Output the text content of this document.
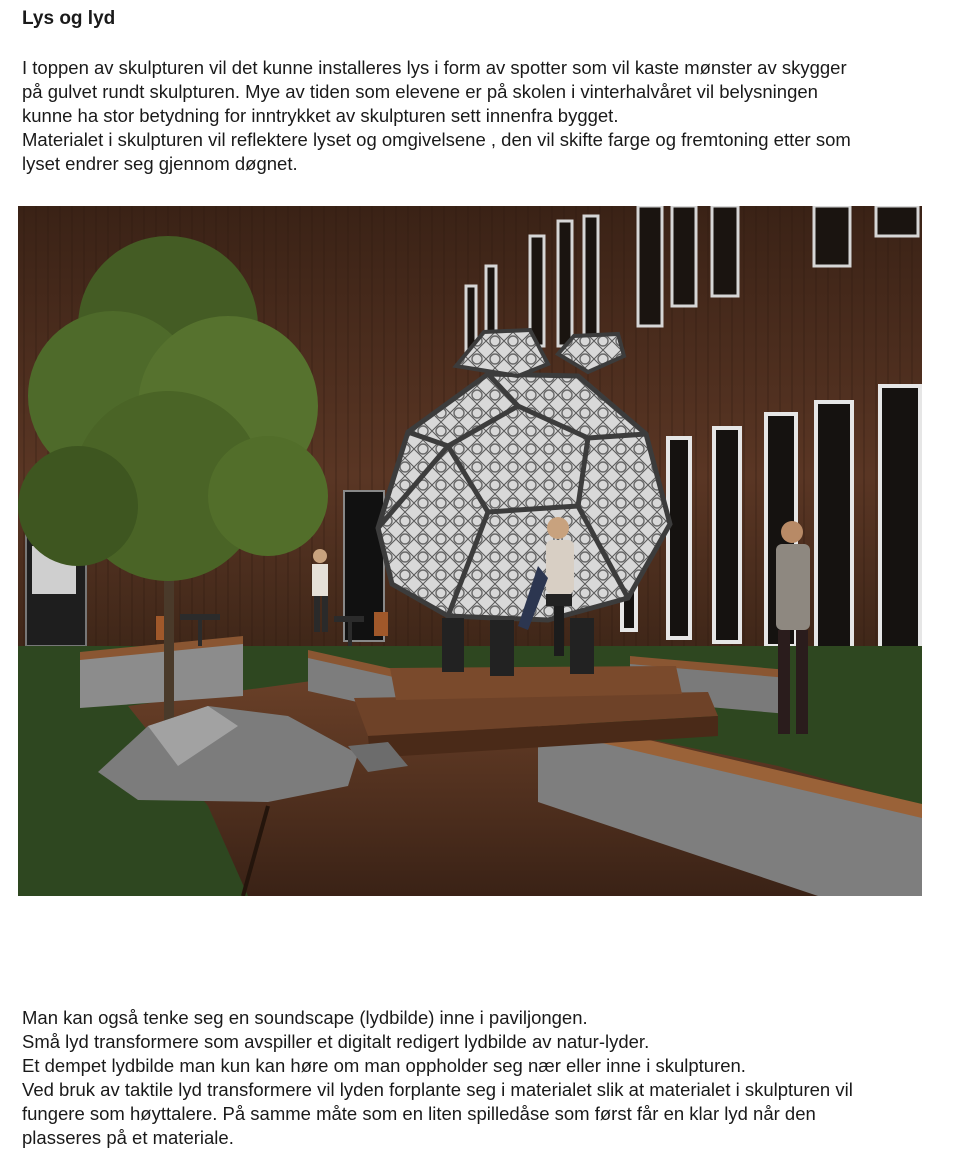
Lys og lyd
I toppen av skulpturen vil det kunne installeres lys i form av spotter som vil kaste mønster av skygger
på gulvet rundt skulpturen. Mye av tiden som elevene er på skolen i vinterhalvåret vil belysningen
kunne ha stor betydning for inntrykket av skulpturen sett innenfra bygget.
Materialet i skulpturen vil reflektere lyset og omgivelsene , den vil skifte farge og fremtoning etter som
lyset endrer seg gjennom døgnet.
Man kan også tenke seg en soundscape (lydbilde) inne i paviljongen.
Små lyd transformere som avspiller et digitalt redigert lydbilde av natur-lyder.
Et dempet lydbilde man kun kan høre om man oppholder seg nær eller inne i skulpturen.
Ved bruk av taktile lyd transformere vil lyden forplante seg i materialet slik at materialet i skulpturen vil
fungere som høyttalere. På samme måte som en liten spilledåse som først får en klar lyd når den
plasseres på et materiale.
